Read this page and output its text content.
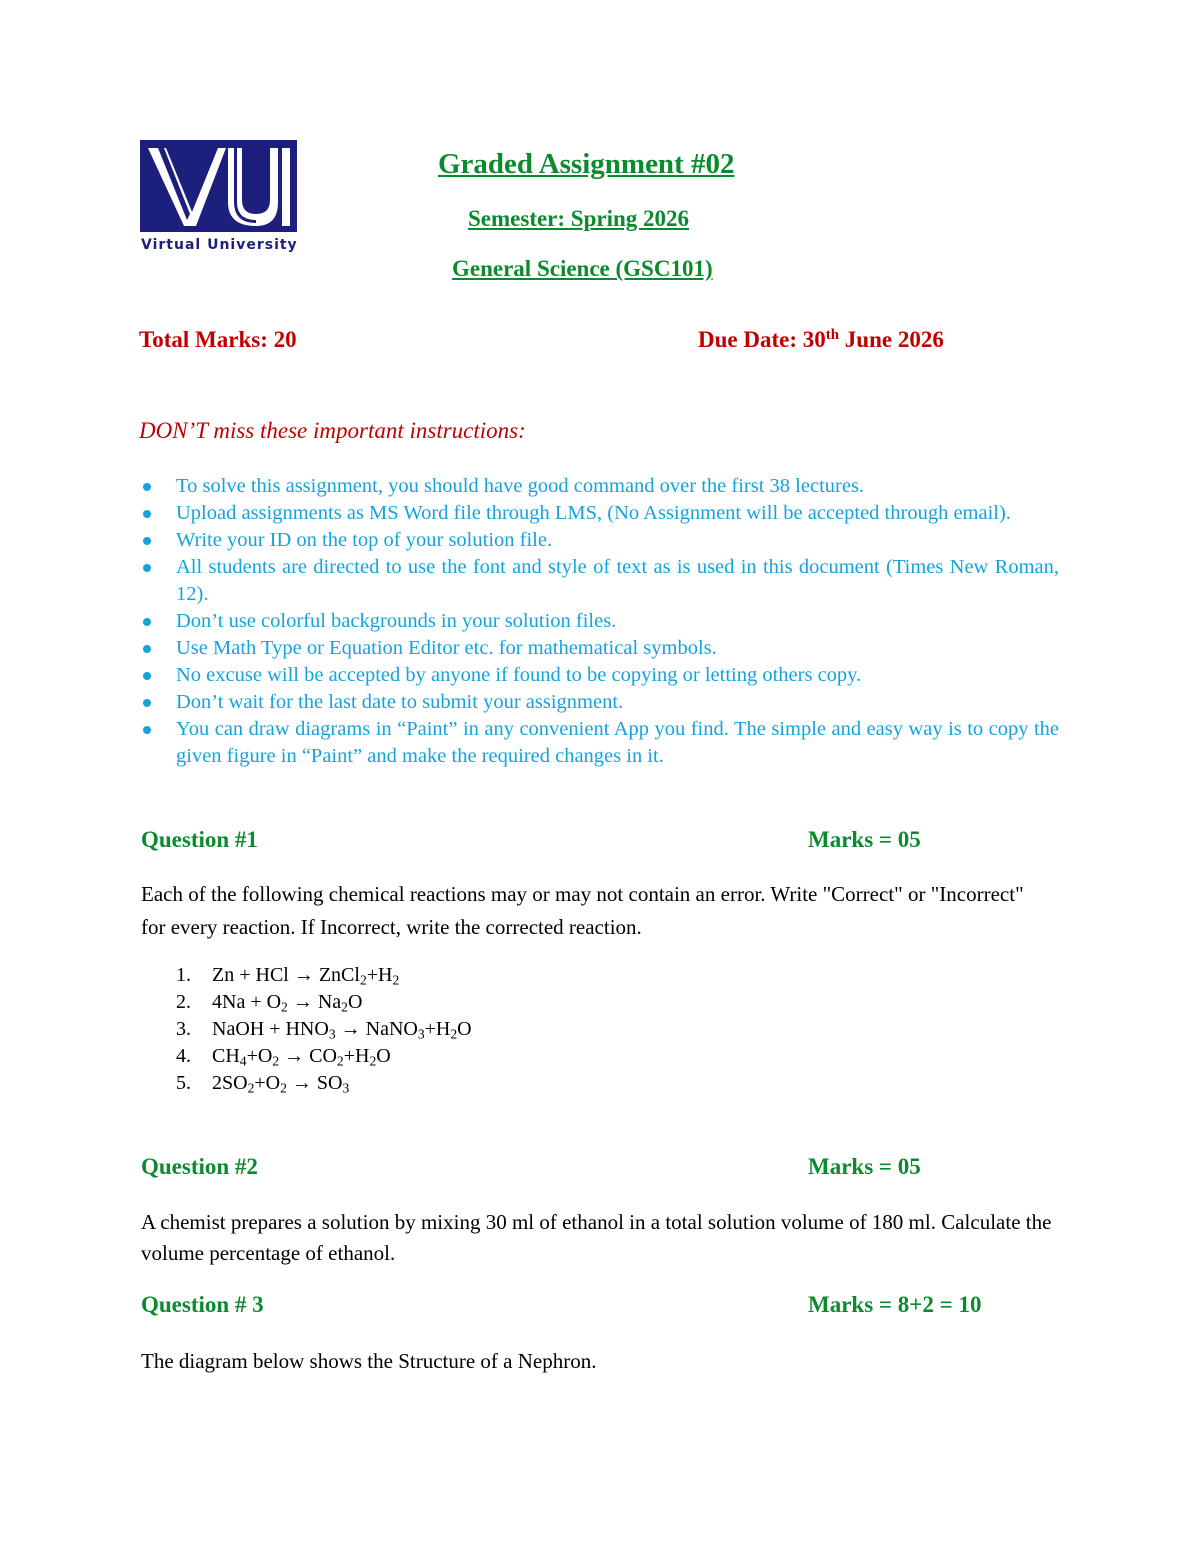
Virtual University
Graded Assignment #02
Semester: Spring 2026
General Science (GSC101)
Total Marks: 20	Due Date: 30th June 2026
DON’T miss these important instructions:
To solve this assignment, you should have good command over the first 38 lectures.
Upload assignments as MS Word file through LMS, (No Assignment will be accepted through email).
Write your ID on the top of your solution file.
All students are directed to use the font and style of text as is used in this document (Times New Roman, 12).
Don’t use colorful backgrounds in your solution files.
Use Math Type or Equation Editor etc. for mathematical symbols.
No excuse will be accepted by anyone if found to be copying or letting others copy.
Don’t wait for the last date to submit your assignment.
You can draw diagrams in “Paint” in any convenient App you find. The simple and easy way is to copy the given figure in “Paint” and make the required changes in it.
Question #1	Marks = 05
Each of the following chemical reactions may or may not contain an error. Write "Correct" or "Incorrect" for every reaction. If Incorrect, write the corrected reaction.
1. Zn + HCl → $ZnCl_2+H_2$
2. $4Na + O_2 \to Na_2O$
3. NaOH + $HNO_3$ → $NaNO_3+H_2O$
4. $CH_4+O_2 \to CO_2+H_2O$
5. $2SO_2+O_2 \to SO_3$
Question #2	Marks = 05
A chemist prepares a solution by mixing 30 ml of ethanol in a total solution volume of 180 ml. Calculate the volume percentage of ethanol.
Question # 3	Marks = 8+2 = 10
The diagram below shows the Structure of a Nephron.
